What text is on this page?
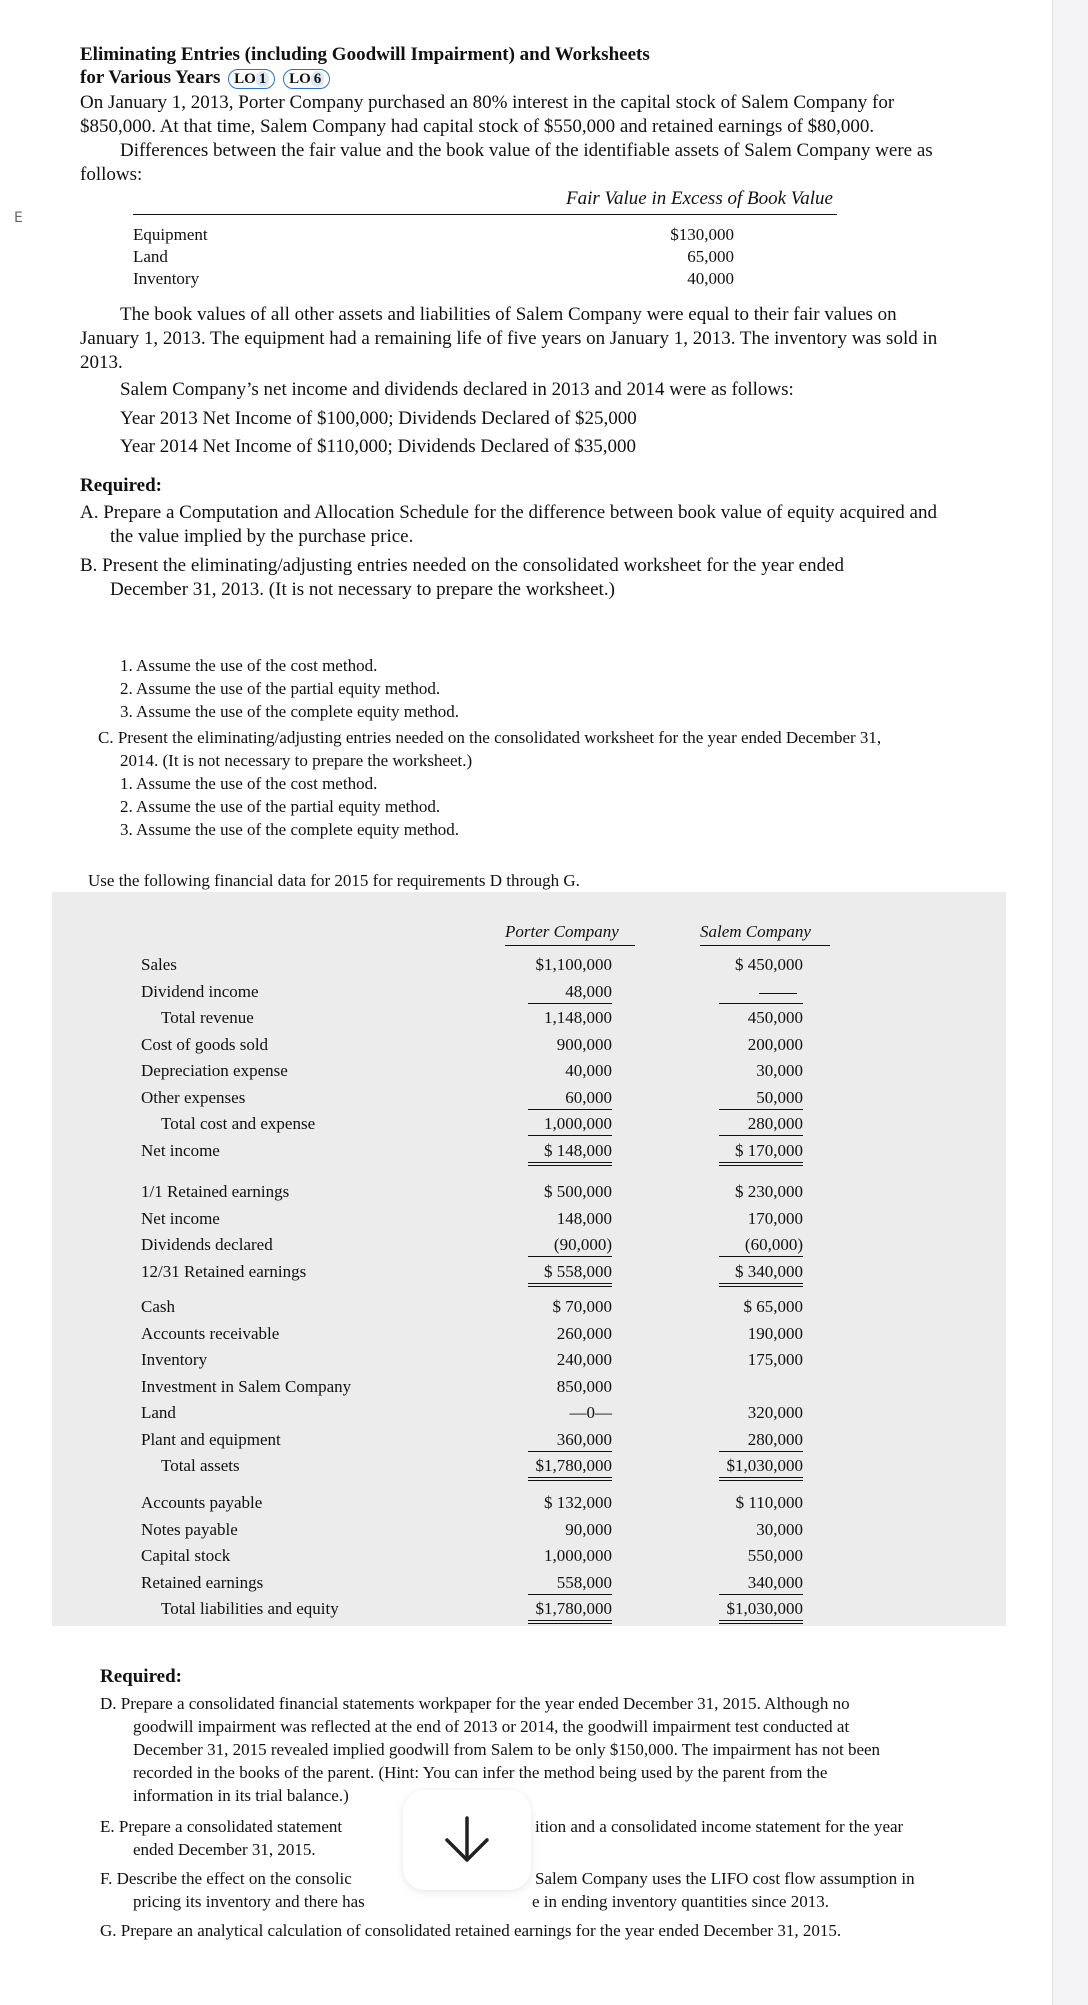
E
Eliminating Entries (including Goodwill Impairment) and Worksheets
for Various Years LO 1 LO 6
On January 1, 2013, Porter Company purchased an 80% interest in the capital stock of Salem Company for
$850,000. At that time, Salem Company had capital stock of $550,000 and retained earnings of $80,000.
Differences between the fair value and the book value of the identifiable assets of Salem Company were as
follows:
Fair Value in Excess of Book Value
Equipment	$130,000
Land	65,000
Inventory	40,000
The book values of all other assets and liabilities of Salem Company were equal to their fair values on
January 1, 2013. The equipment had a remaining life of five years on January 1, 2013. The inventory was sold in
2013.
Salem Company’s net income and dividends declared in 2013 and 2014 were as follows:
Year 2013 Net Income of $100,000; Dividends Declared of $25,000
Year 2014 Net Income of $110,000; Dividends Declared of $35,000
Required:
A. Prepare a Computation and Allocation Schedule for the difference between book value of equity acquired and
the value implied by the purchase price.
B. Present the eliminating/adjusting entries needed on the consolidated worksheet for the year ended
December 31, 2013. (It is not necessary to prepare the worksheet.)
1. Assume the use of the cost method.
2. Assume the use of the partial equity method.
3. Assume the use of the complete equity method.
C. Present the eliminating/adjusting entries needed on the consolidated worksheet for the year ended December 31,
2014. (It is not necessary to prepare the worksheet.)
1. Assume the use of the cost method.
2. Assume the use of the partial equity method.
3. Assume the use of the complete equity method.
Use the following financial data for 2015 for requirements D through G.
Required:
D. Prepare a consolidated financial statements workpaper for the year ended December 31, 2015. Although no
goodwill impairment was reflected at the end of 2013 or 2014, the goodwill impairment test conducted at
December 31, 2015 revealed implied goodwill from Salem to be only $150,000. The impairment has not been
recorded in the books of the parent. (Hint: You can infer the method being used by the parent from the
information in its trial balance.)
E. Prepare a consolidated statement	ition and a consolidated income statement for the year
ended December 31, 2015.
F. Describe the effect on the consolic	Salem Company uses the LIFO cost flow assumption in
pricing its inventory and there has	e in ending inventory quantities since 2013.
G. Prepare an analytical calculation of consolidated retained earnings for the year ended December 31, 2015.
Porter Company	Salem Company
Sales	$1,100,000	$ 450,000
Dividend income	48,000
Total revenue	1,148,000	450,000
Cost of goods sold	900,000	200,000
Depreciation expense	40,000	30,000
Other expenses	60,000	50,000
Total cost and expense	1,000,000	280,000
Net income	$ 148,000	$ 170,000
1/1 Retained earnings	$ 500,000	$ 230,000
Net income	148,000	170,000
Dividends declared	(90,000)	(60,000)
12/31 Retained earnings	$ 558,000	$ 340,000
Cash	$ 70,000	$ 65,000
Accounts receivable	260,000	190,000
Inventory	240,000	175,000
Investment in Salem Company	850,000
Land	—0—	320,000
Plant and equipment	360,000	280,000
Total assets	$1,780,000	$1,030,000
Accounts payable	$ 132,000	$ 110,000
Notes payable	90,000	30,000
Capital stock	1,000,000	550,000
Retained earnings	558,000	340,000
Total liabilities and equity	$1,780,000	$1,030,000
